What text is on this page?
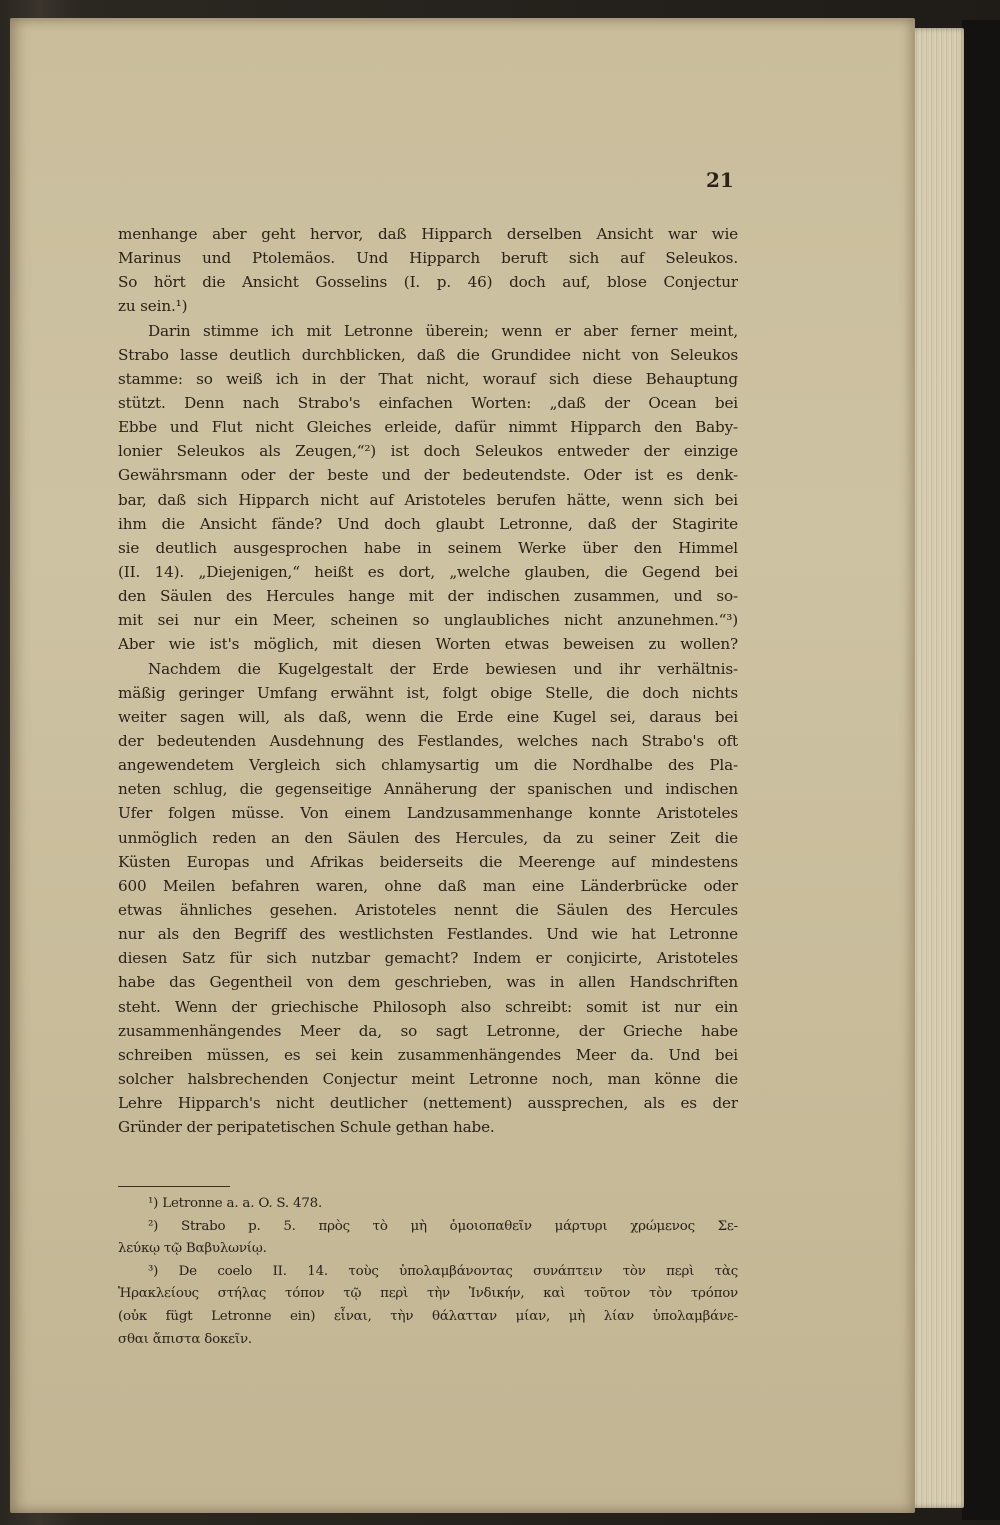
21
menhange aber geht hervor, daß Hipparch derselben Ansicht war wie
Marinus und Ptolemäos. Und Hipparch beruft sich auf Seleukos.
So hört die Ansicht Gosselins (I. p. 46) doch auf, blose Conjectur
zu sein.¹)
Darin stimme ich mit Letronne überein; wenn er aber ferner meint,
Strabo lasse deutlich durchblicken, daß die Grundidee nicht von Seleukos
stamme: so weiß ich in der That nicht, worauf sich diese Behauptung
stützt. Denn nach Strabo's einfachen Worten: „daß der Ocean bei
Ebbe und Flut nicht Gleiches erleide, dafür nimmt Hipparch den Baby-
lonier Seleukos als Zeugen,“²) ist doch Seleukos entweder der einzige
Gewährsmann oder der beste und der bedeutendste. Oder ist es denk-
bar, daß sich Hipparch nicht auf Aristoteles berufen hätte, wenn sich bei
ihm die Ansicht fände? Und doch glaubt Letronne, daß der Stagirite
sie deutlich ausgesprochen habe in seinem Werke über den Himmel
(II. 14). „Diejenigen,“ heißt es dort, „welche glauben, die Gegend bei
den Säulen des Hercules hange mit der indischen zusammen, und so-
mit sei nur ein Meer, scheinen so unglaubliches nicht anzunehmen.“³)
Aber wie ist's möglich, mit diesen Worten etwas beweisen zu wollen?
Nachdem die Kugelgestalt der Erde bewiesen und ihr verhältnis-
mäßig geringer Umfang erwähnt ist, folgt obige Stelle, die doch nichts
weiter sagen will, als daß, wenn die Erde eine Kugel sei, daraus bei
der bedeutenden Ausdehnung des Festlandes, welches nach Strabo's oft
angewendetem Vergleich sich chlamysartig um die Nordhalbe des Pla-
neten schlug, die gegenseitige Annäherung der spanischen und indischen
Ufer folgen müsse. Von einem Landzusammenhange konnte Aristoteles
unmöglich reden an den Säulen des Hercules, da zu seiner Zeit die
Küsten Europas und Afrikas beiderseits die Meerenge auf mindestens
600 Meilen befahren waren, ohne daß man eine Länderbrücke oder
etwas ähnliches gesehen. Aristoteles nennt die Säulen des Hercules
nur als den Begriff des westlichsten Festlandes. Und wie hat Letronne
diesen Satz für sich nutzbar gemacht? Indem er conjicirte, Aristoteles
habe das Gegentheil von dem geschrieben, was in allen Handschriften
steht. Wenn der griechische Philosoph also schreibt: somit ist nur ein
zusammenhängendes Meer da, so sagt Letronne, der Grieche habe
schreiben müssen, es sei kein zusammenhängendes Meer da. Und bei
solcher halsbrechenden Conjectur meint Letronne noch, man könne die
Lehre Hipparch's nicht deutlicher (nettement) aussprechen, als es der
Gründer der peripatetischen Schule gethan habe.
¹) Letronne a. a. O. S. 478.
²) Strabo p. 5. πρὸς τὸ μὴ ὁμοιοπαθεῖν μάρτυρι χρώμενος Σε-
λεύκῳ τῷ Βαβυλωνίῳ.
³) De coelo II. 14. τοὺς ὑπολαμβάνοντας συνάπτειν τὸν περὶ τὰς
Ἡρακλείους στήλας τόπον τῷ περὶ τὴν Ἰνδικήν, καὶ τοῦτον τὸν τρόπον
(οὐκ fügt Letronne ein) εἶναι, τὴν θάλατταν μίαν, μὴ λίαν ὑπολαμβάνε-
σθαι ἄπιστα δοκεῖν.
